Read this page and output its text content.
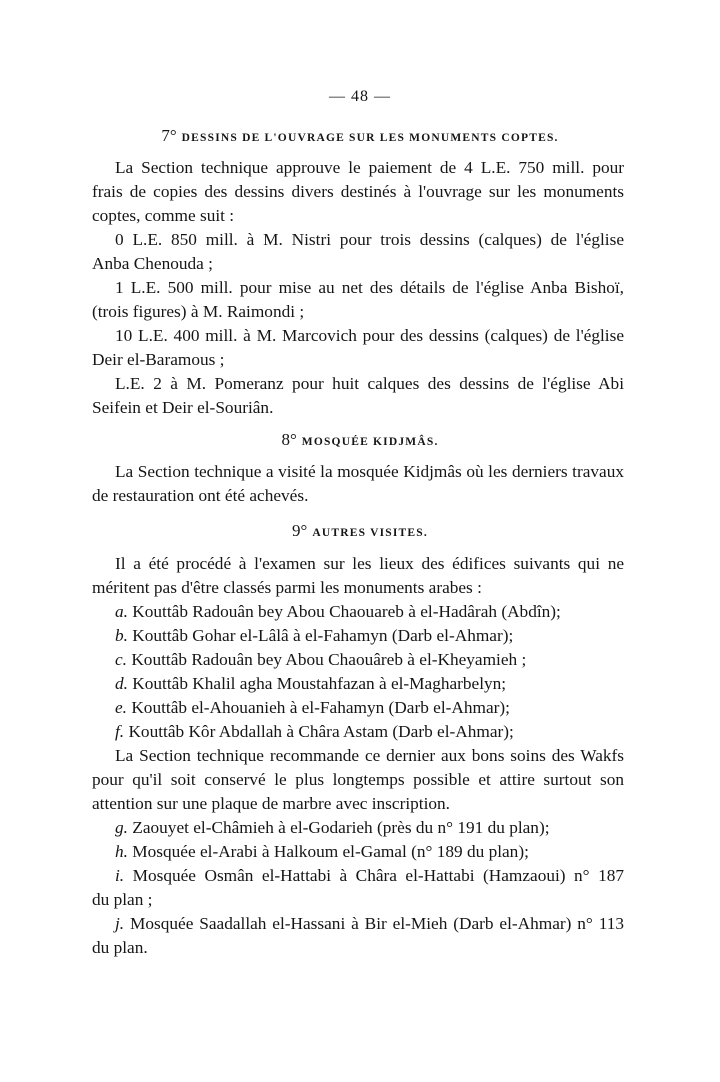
— 48 —
7° DESSINS DE L'OUVRAGE SUR LES MONUMENTS COPTES.
La Section technique approuve le paiement de 4 L.E. 750 mill. pour
frais de copies des dessins divers destinés à l'ouvrage sur les monuments
coptes, comme suit :
0 L.E. 850 mill. à M. Nistri pour trois dessins (calques) de l'église
Anba Chenouda ;
1 L.E. 500 mill. pour mise au net des détails de l'église Anba Bishoï,
(trois figures) à M. Raimondi ;
10 L.E. 400 mill. à M. Marcovich pour des dessins (calques) de l'église
Deir el-Baramous ;
L.E. 2 à M. Pomeranz pour huit calques des dessins de l'église Abi
Seifein et Deir el-Souriân.
8° MOSQUÉE KIDJMÂS.
La Section technique a visité la mosquée Kidjmâs où les derniers travaux
de restauration ont été achevés.
9° AUTRES VISITES.
Il a été procédé à l'examen sur les lieux des édifices suivants qui ne
méritent pas d'être classés parmi les monuments arabes :
a. Kouttâb Radouân bey Abou Chaouareb à el-Hadârah (Abdîn);
b. Kouttâb Gohar el-Lâlâ à el-Fahamyn (Darb el-Ahmar);
c. Kouttâb Radouân bey Abou Chaouâreb à el-Kheyamieh ;
d. Kouttâb Khalil agha Moustahfazan à el-Magharbelyn;
e. Kouttâb el-Ahouanieh à el-Fahamyn (Darb el-Ahmar);
f. Kouttâb Kôr Abdallah à Châra Astam (Darb el-Ahmar);
La Section technique recommande ce dernier aux bons soins des Wakfs
pour qu'il soit conservé le plus longtemps possible et attire surtout son
attention sur une plaque de marbre avec inscription.
g. Zaouyet el-Châmieh à el-Godarieh (près du n° 191 du plan);
h. Mosquée el-Arabi à Halkoum el-Gamal (n° 189 du plan);
i. Mosquée Osmân el-Hattabi à Châra el-Hattabi (Hamzaoui) n° 187
du plan ;
j. Mosquée Saadallah el-Hassani à Bir el-Mieh (Darb el-Ahmar) n° 113
du plan.
